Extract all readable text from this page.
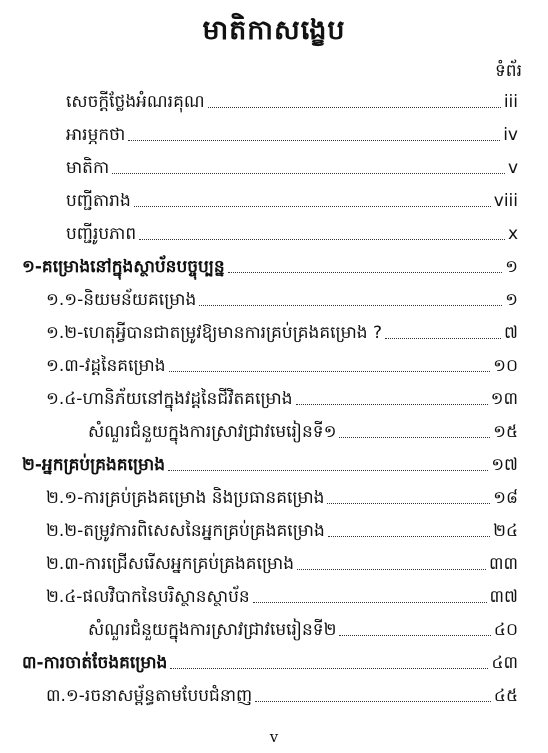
មាតិកាសង្ខេប
ទំព័រ
សេចក្ដីថ្លែងអំណរគុណ	iii
អារម្ភកថា	iv
មាតិកា	v
បញ្ជីតារាង	viii
បញ្ជីរូបភាព	x
១-គម្រោងនៅក្នុងស្ថាប័នបច្ចុប្បន្ន	១
១.១-និយមន័យគម្រោង	១
១.២-ហេតុអ្វីបានជាតម្រូវឱ្យមានការគ្រប់គ្រងគម្រោង ?	៧
១.៣-វដ្ដនៃគម្រោង	១០
១.៤-ហានិភ័យនៅក្នុងវដ្ដនៃជីវិតគម្រោង	១៣
សំណួរជំនួយក្នុងការស្រាវជ្រាវមេរៀនទី១	១៥
២-អ្នកគ្រប់គ្រងគម្រោង	១៧
២.១-ការគ្រប់គ្រងគម្រោង និងប្រធានគម្រោង	១៨
២.២-តម្រូវការពិសេសនៃអ្នកគ្រប់គ្រងគម្រោង	២៤
២.៣-ការជ្រើសរើសអ្នកគ្រប់គ្រងគម្រោង	៣៣
២.៤-ផលវិបាកនៃបរិស្ថានស្ថាប័ន	៣៧
សំណួរជំនួយក្នុងការស្រាវជ្រាវមេរៀនទី២	៤០
៣-ការចាត់ចែងគម្រោង	៤៣
៣.១-រចនាសម្ព័ន្ធតាមបែបជំនាញ	៤៥
v
